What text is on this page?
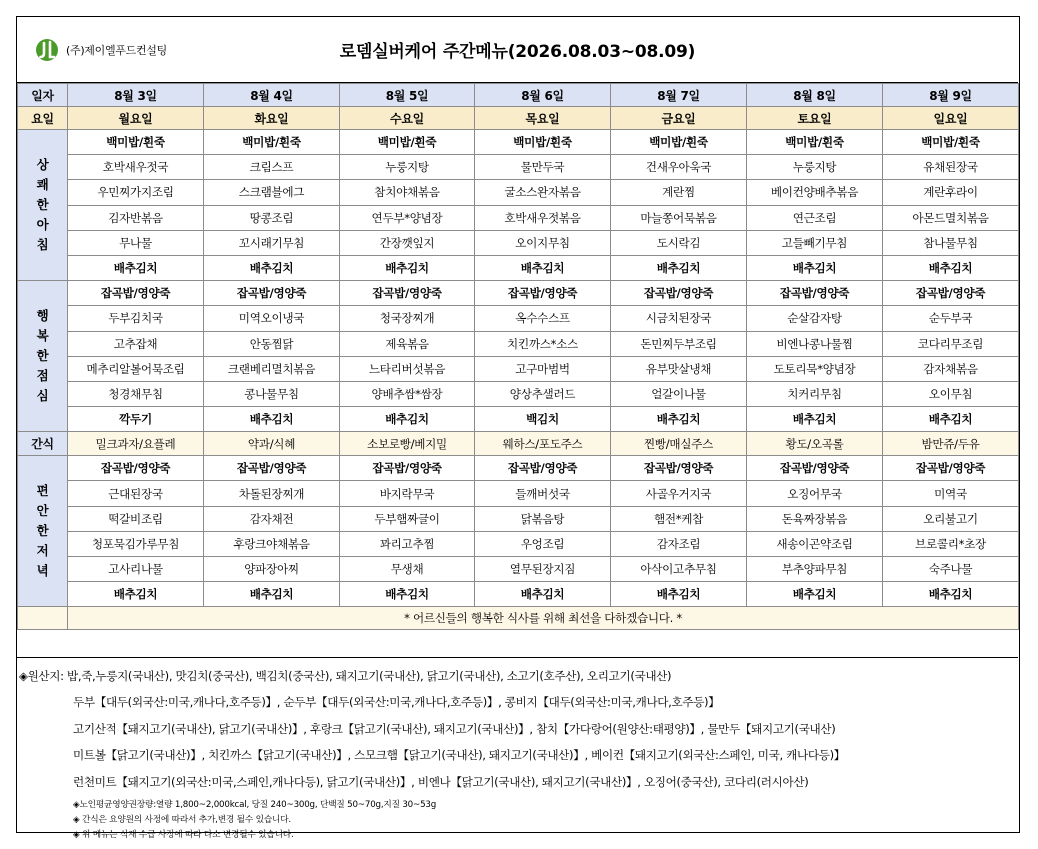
(주)제이엘푸드컨설팅	로뎀실버케어 주간메뉴(2026.08.03~08.09)
일자	8월 3일	8월 4일	8월 5일	8월 6일	8월 7일	8월 8일	8월 9일
요일	월요일	화요일	수요일	목요일	금요일	토요일	일요일
상쾌한아침	백미밥/흰죽	백미밥/흰죽	백미밥/흰죽	백미밥/흰죽	백미밥/흰죽	백미밥/흰죽	백미밥/흰죽
	호박새우젓국	크림스프	누룽지탕	물만두국	건새우아욱국	누룽지탕	유채된장국
	우민찌가지조림	스크램블에그	참치야채볶음	굴소스완자볶음	계란찜	베이컨양배추볶음	계란후라이
	김자반볶음	땅콩조림	연두부*양념장	호박새우젓볶음	마늘쫑어묵볶음	연근조림	아몬드멸치볶음
	무나물	꼬시래기무침	간장깻잎지	오이지무침	도시락김	고들빼기무침	참나물무침
	배추김치	배추김치	배추김치	배추김치	배추김치	배추김치	배추김치
행복한점심	잡곡밥/영양죽	잡곡밥/영양죽	잡곡밥/영양죽	잡곡밥/영양죽	잡곡밥/영양죽	잡곡밥/영양죽	잡곡밥/영양죽
	두부김치국	미역오이냉국	청국장찌개	옥수수스프	시금치된장국	순살감자탕	순두부국
	고추잡채	안동찜닭	제육볶음	치킨까스*소스	돈민찌두부조림	비엔나콩나물찜	코다리무조림
	메추리알볼어묵조림	크랜베리멸치볶음	느타리버섯볶음	고구마범벅	유부맛살냉채	도토리묵*양념장	감자채볶음
	청경채무침	콩나물무침	양배추쌈*쌈장	양상추샐러드	얼갈이나물	치커리무침	오이무침
	깍두기	배추김치	배추김치	백김치	배추김치	배추김치	배추김치
간식	밀크과자/요플레	약과/식혜	소보로빵/베지밀	웨하스/포도주스	찐빵/매실주스	황도/오곡롤	밤만쥬/두유
편안한저녁	잡곡밥/영양죽	잡곡밥/영양죽	잡곡밥/영양죽	잡곡밥/영양죽	잡곡밥/영양죽	잡곡밥/영양죽	잡곡밥/영양죽
	근대된장국	차돌된장찌개	바지락무국	들깨버섯국	사골우거지국	오징어무국	미역국
	떡갈비조림	감자채전	두부햄짜글이	닭볶음탕	햄전*케찹	돈육짜장볶음	오리불고기
	청포묵김가루무침	후랑크야채볶음	꽈리고추찜	우엉조림	감자조림	새송이곤약조림	브로콜리*초장
	고사리나물	양파장아찌	무생채	열무된장지짐	아삭이고추무침	부추양파무침	숙주나물
	배추김치	배추김치	배추김치	배추김치	배추김치	배추김치	배추김치
	* 어르신들의 행복한 식사를 위해 최선을 다하겠습니다. *						
◈원산지: 밥,죽,누룽지(국내산), 맛김치(중국산), 백김치(중국산), 돼지고기(국내산), 닭고기(국내산), 소고기(호주산), 오리고기(국내산)
두부【대두(외국산:미국,캐나다,호주등)】, 순두부【대두(외국산:미국,캐나다,호주등)】, 콩비지【대두(외국산:미국,캐나다,호주등)】
고기산적【돼지고기(국내산), 닭고기(국내산)】, 후랑크【닭고기(국내산), 돼지고기(국내산)】, 참치【가다랑어(원양산:태평양)】, 물만두【돼지고기(국내산)
미트볼【닭고기(국내산)】, 치킨까스【닭고기(국내산)】, 스모크햄【닭고기(국내산), 돼지고기(국내산)】, 베이컨【돼지고기(외국산:스페인, 미국, 캐나다등)】
런천미트【돼지고기(외국산:미국,스페인,캐나다등), 닭고기(국내산)】, 비엔나【닭고기(국내산), 돼지고기(국내산)】, 오징어(중국산), 코다리(러시아산)
◈노인평균영양권장량:열량 1,800~2,000kcal, 당질 240~300g, 단백질 50~70g,지질 30~53g
◈ 간식은 요양원의 사정에 따라서 추가,변경 될수 있습니다.
◈ 위 메뉴는 식재 수급 사정에 따라 다소 변경될수 있습니다.
